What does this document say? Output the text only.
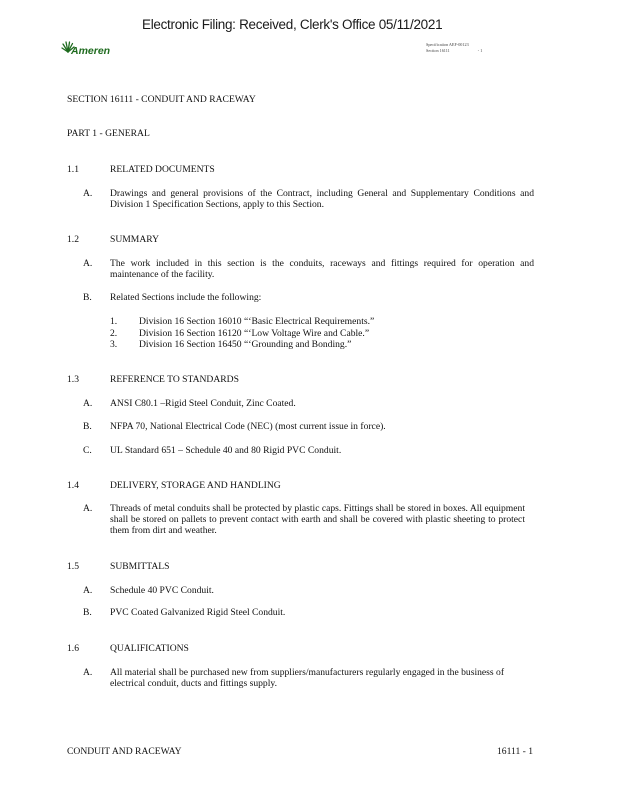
Electronic Filing: Received, Clerk's Office 05/11/2021
Ameren
Specification AEF-00123
Section 16111	- 1
SECTION 16111 - CONDUIT AND RACEWAY
PART 1 - GENERAL
1.1	RELATED DOCUMENTS
A. Drawings and general provisions of the Contract, including General and Supplementary Conditions and Division 1 Specification Sections, apply to this Section.
1.2	SUMMARY
A. The work included in this section is the conduits, raceways and fittings required for operation and maintenance of the facility.
B. Related Sections include the following:
1. Division 16 Section 16010 “‘Basic Electrical Requirements.”
2. Division 16 Section 16120 “‘Low Voltage Wire and Cable.”
3. Division 16 Section 16450 “‘Grounding and Bonding.”
1.3	REFERENCE TO STANDARDS
A. ANSI C80.1 –Rigid Steel Conduit, Zinc Coated.
B. NFPA 70, National Electrical Code (NEC) (most current issue in force).
C. UL Standard 651 – Schedule 40 and 80 Rigid PVC Conduit.
1.4	DELIVERY, STORAGE AND HANDLING
A. Threads of metal conduits shall be protected by plastic caps. Fittings shall be stored in boxes. All equipment shall be stored on pallets to prevent contact with earth and shall be covered with plastic sheeting to protect them from dirt and weather.
1.5	SUBMITTALS
A. Schedule 40 PVC Conduit.
B. PVC Coated Galvanized Rigid Steel Conduit.
1.6	QUALIFICATIONS
A. All material shall be purchased new from suppliers/manufacturers regularly engaged in the business of electrical conduit, ducts and fittings supply.
CONDUIT AND RACEWAY	16111 - 1
